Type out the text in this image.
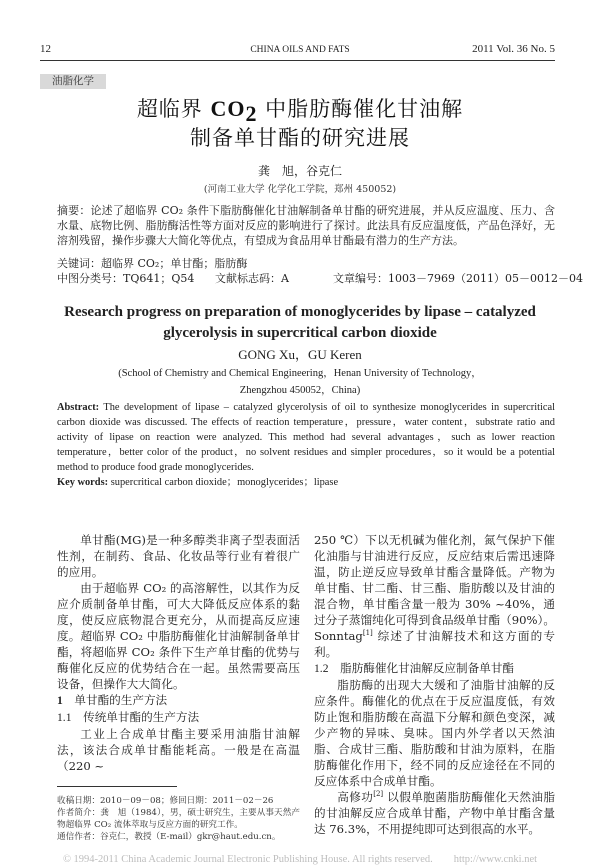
12	CHINA OILS AND FATS	2011 Vol. 36 No. 5
油脂化学
超临界 $CO_2$ 中脂肪酶催化甘油解
制备单甘酯的研究进展
龚　旭，谷克仁
(河南工业大学 化学化工学院，郑州 450052)
摘要：论述了超临界 CO₂ 条件下脂肪酶催化甘油解制备单甘酯的研究进展，并从反应温度、压力、含水量、底物比例、脂肪酶活性等方面对反应的影响进行了探讨。此法具有反应温度低，产品色泽好，无溶剂残留，操作步骤大大简化等优点，有望成为食品用单甘酯最有潜力的生产方法。
关键词：超临界 CO₂；单甘酯；脂肪酶
中图分类号：TQ641；Q54	文献标志码：A	文章编号：1003－7969（2011）05－0012－04
Research progress on preparation of monoglycerides by lipase – catalyzed
glycerolysis in supercritical carbon dioxide
GONG Xu，GU Keren
(School of Chemistry and Chemical Engineering，Henan University of Technology，
Zhengzhou 450052，China)
Abstract: The development of lipase – catalyzed glycerolysis of oil to synthesize monoglycerides in supercritical carbon dioxide was discussed. The effects of reaction temperature，pressure，water content，substrate ratio and activity of lipase on reaction were analyzed. This method had several advantages，such as lower reaction temperature，better color of the product，no solvent residues and simpler procedures，so it would be a potential method to produce food grade monoglycerides.
Key words: supercritical carbon dioxide；monoglycerides；lipase

单甘酯(MG)是一种多醇类非离子型表面活性剂，在制药、食品、化妆品等行业有着很广的应用。

由于超临界 CO₂ 的高溶解性，以其作为反应介质制备单甘酯，可大大降低反应体系的黏度，使反应底物混合更充分，从而提高反应速度。超临界 CO₂ 中脂肪酶催化甘油解制备单甘酯，将超临界 CO₂ 条件下生产单甘酯的优势与酶催化反应的优势结合在一起。虽然需要高压设备，但操作大大简化。

1 单甘酯的生产方法
1.1 传统单甘酯的生产方法

工业上合成单甘酯主要采用油脂甘油解法，该法合成单甘酯能耗高。一般是在高温（220 ~

收稿日期：2010－09－08；修回日期：2011－02－26
作者简介：龚　旭（1984），男，硕士研究生，主要从事天然产物超临界 CO₂ 流体萃取与反应方面的研究工作。
通信作者：谷克仁，教授（E-mail）gkr@haut.edu.cn。

250 ℃）下以无机碱为催化剂，氮气保护下催化油脂与甘油进行反应，反应结束后需迅速降温，防止逆反应导致单甘酯含量降低。产物为单甘酯、甘二酯、甘三酯、脂肪酸以及甘油的混合物，单甘酯含量一般为 30% ~40%，通过分子蒸馏纯化可得到食品级单甘酯（90%）。Sonntag[1] 综述了甘油解技术和这方面的专利。

1.2 脂肪酶催化甘油解反应制备单甘酯

脂肪酶的出现大大缓和了油脂甘油解的反应条件。酶催化的优点在于反应温度低，有效防止饱和脂肪酸在高温下分解和颜色变深，减少产物的异味、臭味。国内外学者以天然油脂、合成甘三酯、脂肪酸和甘油为原料，在脂肪酶催化作用下，经不同的反应途径在不同的反应体系中合成单甘酯。

高修功[2] 以假单胞菌脂肪酶催化天然油脂的甘油解反应合成单甘酯，产物中单甘酯含量达 76.3%，不用提纯即可达到很高的水平。

© 1994-2011 China Academic Journal Electronic Publishing House. All rights reserved.　　http://www.cnki.net
